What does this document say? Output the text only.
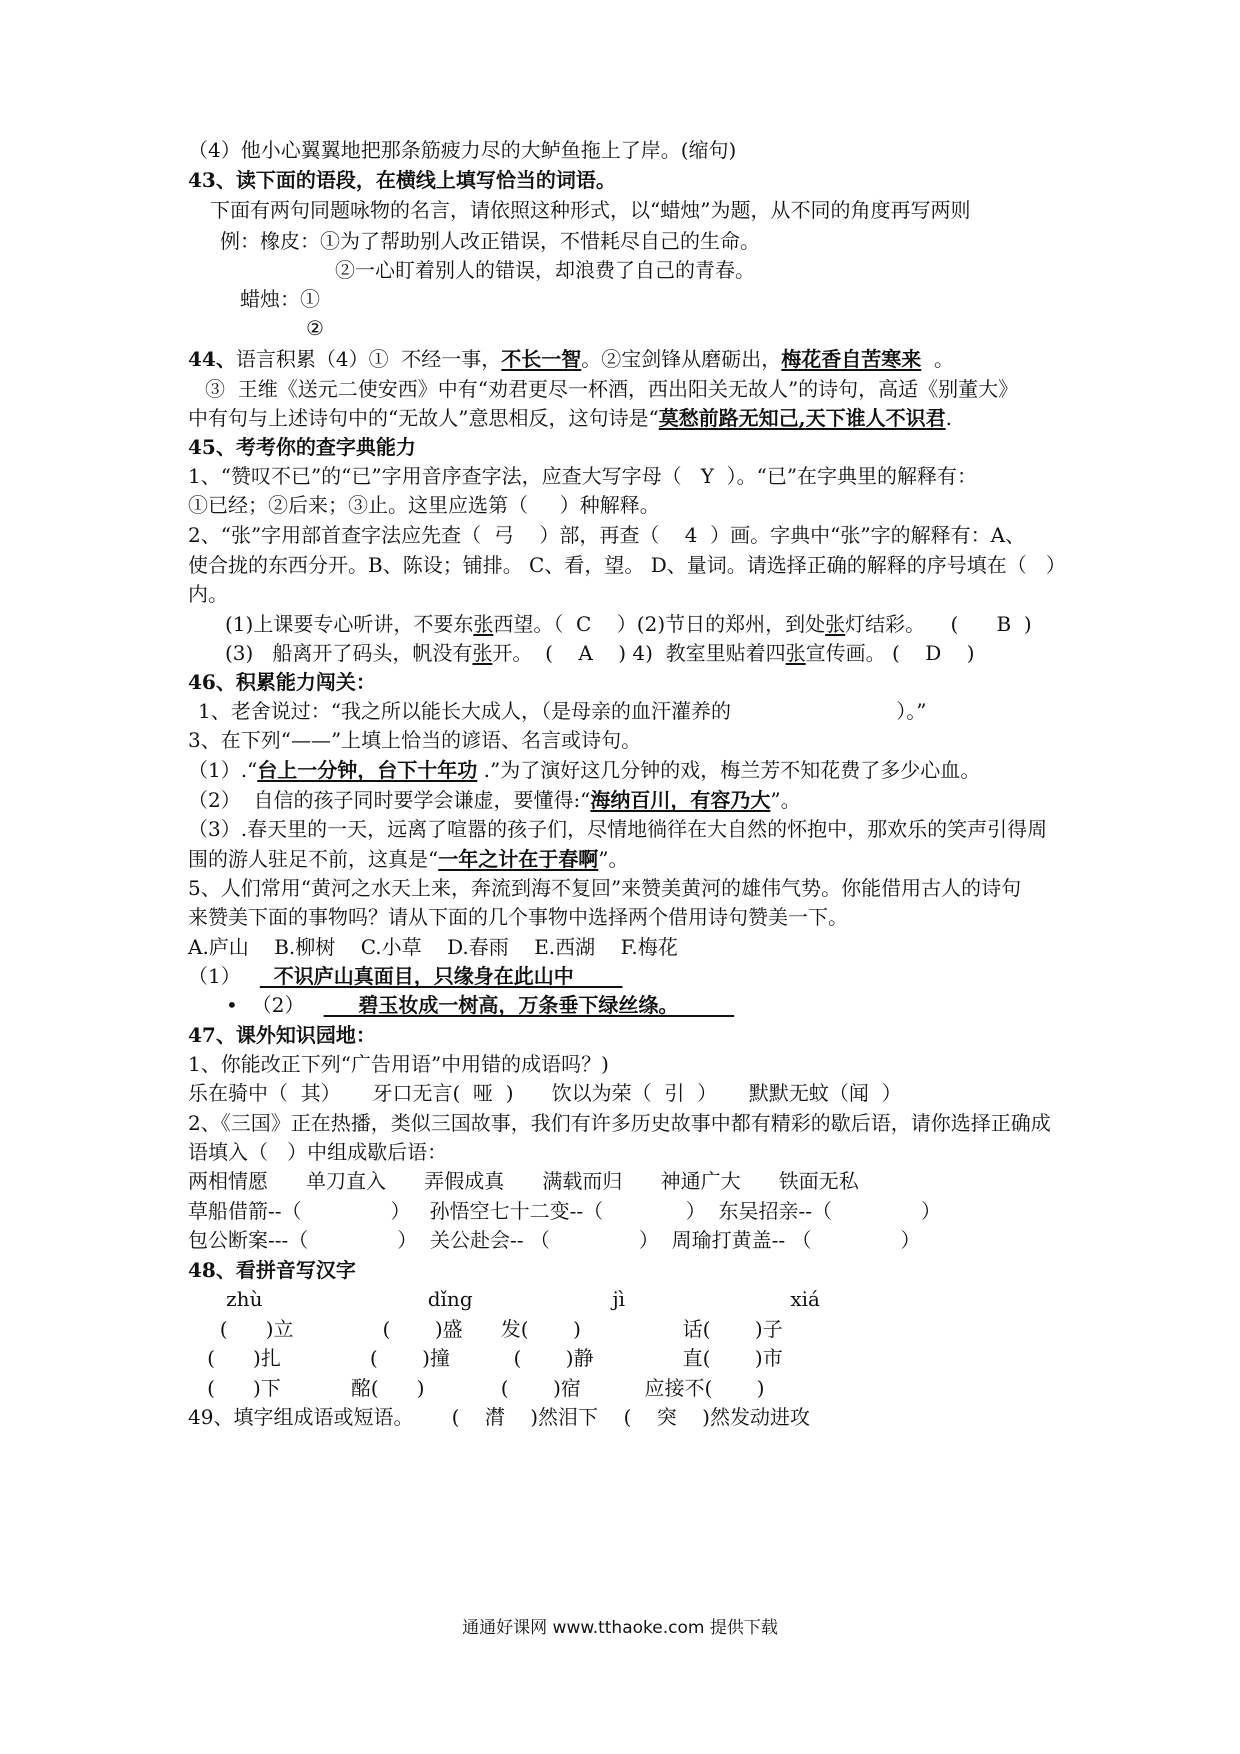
（4）他小心翼翼地把那条筋疲力尽的大鲈鱼拖上了岸。(缩句)
43、读下面的语段，在横线上填写恰当的词语。
下面有两句同题咏物的名言，请依照这种形式，以“蜡烛”为题，从不同的角度再写两则
例：橡皮：①为了帮助别人改正错误，不惜耗尽自己的生命。
②一心盯着别人的错误，却浪费了自己的青春。
蜡烛：①
②
44、语言积累（4）①  不经一事，不长一智。②宝剑锋从磨砺出，梅花香自苦寒来  。
③  王维《送元二使安西》中有“劝君更尽一杯酒，西出阳关无故人”的诗句，高适《别董大》
中有句与上述诗句中的“无故人”意思相反，这句诗是“莫愁前路无知己,天下谁人不识君.
45、考考你的查字典能力
1、“赞叹不已”的“已”字用音序查字法，应查大写字母（   Y  ）。“已”在字典里的解释有：
①已经；②后来；③止。这里应选第（     ）种解释。
2、“张”字用部首查字法应先查（  弓    ）部，再查（    4  ）画。字典中“张”字的解释有：A、
使合拢的东西分开。B、陈设；铺排。 C、看，望。 D、量词。请选择正确的解释的序号填在（   ）
内。
(1)上课要专心听讲，不要东张西望。（  C    ）(2)节日的郑州，到处张灯结彩。    (      B  )
(3)   船离开了码头，帆没有张开。  (    A    ) 4)  教室里贴着四张宣传画。 (    D    )
46、积累能力闯关：
1、老舍说过：“我之所以能长大成人，（是母亲的血汗灌养的                          ）。”
3、在下列“——”上填上恰当的谚语、名言或诗句。
（1）.“台上一分钟，台下十年功 .”为了演好这几分钟的戏，梅兰芳不知花费了多少心血。
（2）  自信的孩子同时要学会谦虚，要懂得:“海纳百川，有容乃大”。
（3）.春天里的一天，远离了喧嚣的孩子们，尽情地徜徉在大自然的怀抱中，那欢乐的笑声引得周
围的游人驻足不前，这真是“一年之计在于春啊”。
5、人们常用“黄河之水天上来，奔流到海不复回”来赞美黄河的雄伟气势。你能借用古人的诗句
来赞美下面的事物吗？请从下面的几个事物中选择两个借用诗句赞美一下。
A.庐山    B.柳树    C.小草    D.春雨    E.西湖    F.梅花
（1）     不识庐山真面目，只缘身在此山中
• （2）        碧玉妆成一树高，万条垂下绿丝绦。
47、课外知识园地：
1、你能改正下列“广告用语”中用错的成语吗？)
乐在骑中（  其）     牙口无言(  哑  )      饮以为荣（  引  ）     默默无蚊（闻  ）
2、《三国》正在热播，类似三国故事，我们有许多历史故事中都有精彩的歇后语，请你选择正确成
语填入（   ）中组成歇后语：
两相情愿      单刀直入      弄假成真      满载而归      神通广大      铁面无私
草船借箭--（              ）   孙悟空七十二变--（             ）  东吴招亲--（              ）
包公断案---（              ）  关公赴会-- （              ）  周瑜打黄盖-- （              ）
48、看拼音写汉字
zhù                          dǐng                      jì                          xiá
(      )立              (       )盛      发(       )                话(       )子
(      )扎              (       )撞          (       )静              直(       )市
(      )下           酩(      )            (       )宿          应接不(       )
49、填字组成语或短语。      (    潸    )然泪下    (    突    )然发动进攻
通通好课网 www.tthaoke.com 提供下载
